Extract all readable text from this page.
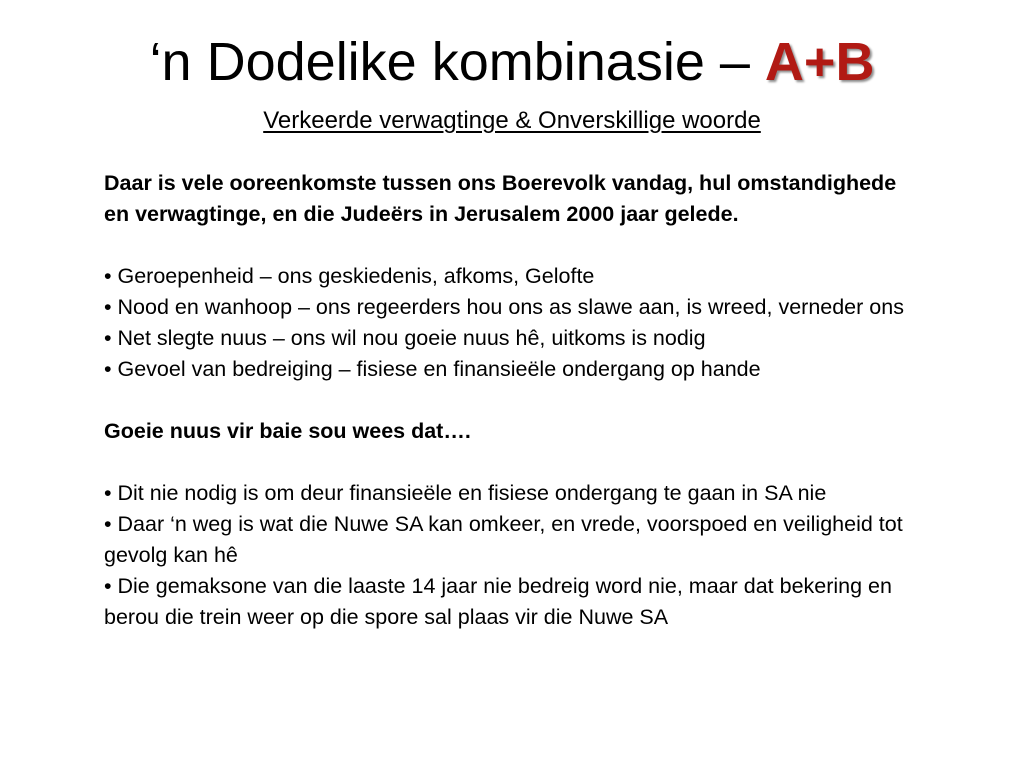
‘n Dodelike kombinasie – A+B
Verkeerde verwagtinge & Onverskillige woorde

Daar is vele ooreenkomste tussen ons Boerevolk vandag, hul omstandighede en verwagtinge, en die Judeërs in Jerusalem 2000 jaar gelede.

• Geroepenheid – ons geskiedenis, afkoms, Gelofte

• Nood en wanhoop – ons regeerders hou ons as slawe aan, is wreed, verneder ons

• Net slegte nuus – ons wil nou goeie nuus hê, uitkoms is nodig

• Gevoel van bedreiging – fisiese en finansieële ondergang op hande

Goeie nuus vir baie sou wees dat….

• Dit nie nodig is om deur finansieële en fisiese ondergang te gaan in SA nie

• Daar ‘n weg is wat die Nuwe SA kan omkeer, en vrede, voorspoed en veiligheid tot gevolg kan hê

• Die gemaksone van die laaste 14 jaar nie bedreig word nie, maar dat bekering en berou die trein weer op die spore sal plaas vir die Nuwe SA
